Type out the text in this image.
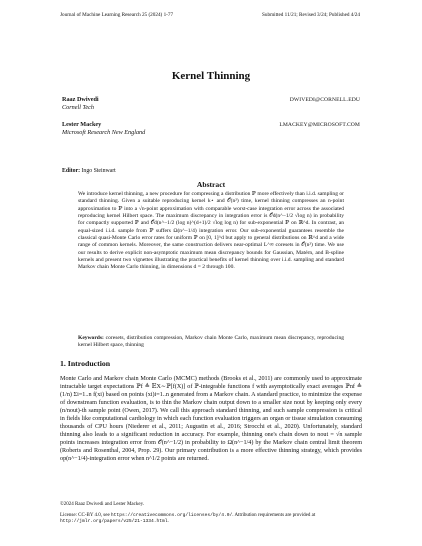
Journal of Machine Learning Research 25 (2024) 1-77	Submitted 11/21; Revised 3/24; Published 4/24
Kernel Thinning
Raaz Dwivedi
Cornell Tech
DWIVEDI@CORNELL.EDU
Lester Mackey
Microsoft Research New England
LMACKEY@MICROSOFT.COM
Editor: Ingo Steinwart
Abstract
We introduce kernel thinning, a new procedure for compressing a distribution ℙ more effectively than i.i.d. sampling or standard thinning. Given a suitable reproducing kernel k⋆ and 𝒪(n²) time, kernel thinning compresses an n-point approximation to ℙ into a √n-point approximation with comparable worst-case integration error across the associated reproducing kernel Hilbert space. The maximum discrepancy in integration error is 𝒪d(n^−1/2 √log n) in probability for compactly supported ℙ and 𝒪d(n^−1/2 (log n)^(d+1)/2 √log log n) for sub-exponential ℙ on ℝ^d. In contrast, an equal-sized i.i.d. sample from ℙ suffers Ω(n^−1/4) integration error. Our sub-exponential guarantees resemble the classical quasi-Monte Carlo error rates for uniform ℙ on [0, 1]^d but apply to general distributions on ℝ^d and a wide range of common kernels. Moreover, the same construction delivers near-optimal L^∞ coresets in 𝒪(n²) time. We use our results to derive explicit non-asymptotic maximum mean discrepancy bounds for Gaussian, Matérn, and B-spline kernels and present two vignettes illustrating the practical benefits of kernel thinning over i.i.d. sampling and standard Markov chain Monte Carlo thinning, in dimensions d = 2 through 100.
Keywords: coresets, distribution compression, Markov chain Monte Carlo, maximum mean discrepancy, reproducing kernel Hilbert space, thinning
1. Introduction
Monte Carlo and Markov chain Monte Carlo (MCMC) methods (Brooks et al., 2011) are commonly used to approximate intractable target expectations ℙf ≜ 𝔼X∼ℙ[f(X)] of ℙ-integrable functions f with asymptotically exact averages ℙnf ≜ (1/n) Σi=1..n f(xi) based on points (xi)i=1..n generated from a Markov chain. A standard practice, to minimize the expense of downstream function evaluation, is to thin the Markov chain output down to a smaller size nout by keeping only every (n/nout)-th sample point (Owen, 2017). We call this approach standard thinning, and such sample compression is critical in fields like computational cardiology in which each function evaluation triggers an organ or tissue simulation consuming thousands of CPU hours (Niederer et al., 2011; Augustin et al., 2016; Strocchi et al., 2020). Unfortunately, standard thinning also leads to a significant reduction in accuracy. For example, thinning one's chain down to nout = √n sample points increases integration error from 𝒪(n^−1/2) in probability to Ω(n^−1/4) by the Markov chain central limit theorem (Roberts and Rosenthal, 2004, Prop. 29). Our primary contribution is a more effective thinning strategy, which provides op(n^−1/4)-integration error when n^1/2 points are returned.
©2024 Raaz Dwivedi and Lester Mackey.
License: CC-BY 4.0, see https://creativecommons.org/licenses/by/4.0/. Attribution requirements are provided at http://jmlr.org/papers/v25/21-1334.html.
